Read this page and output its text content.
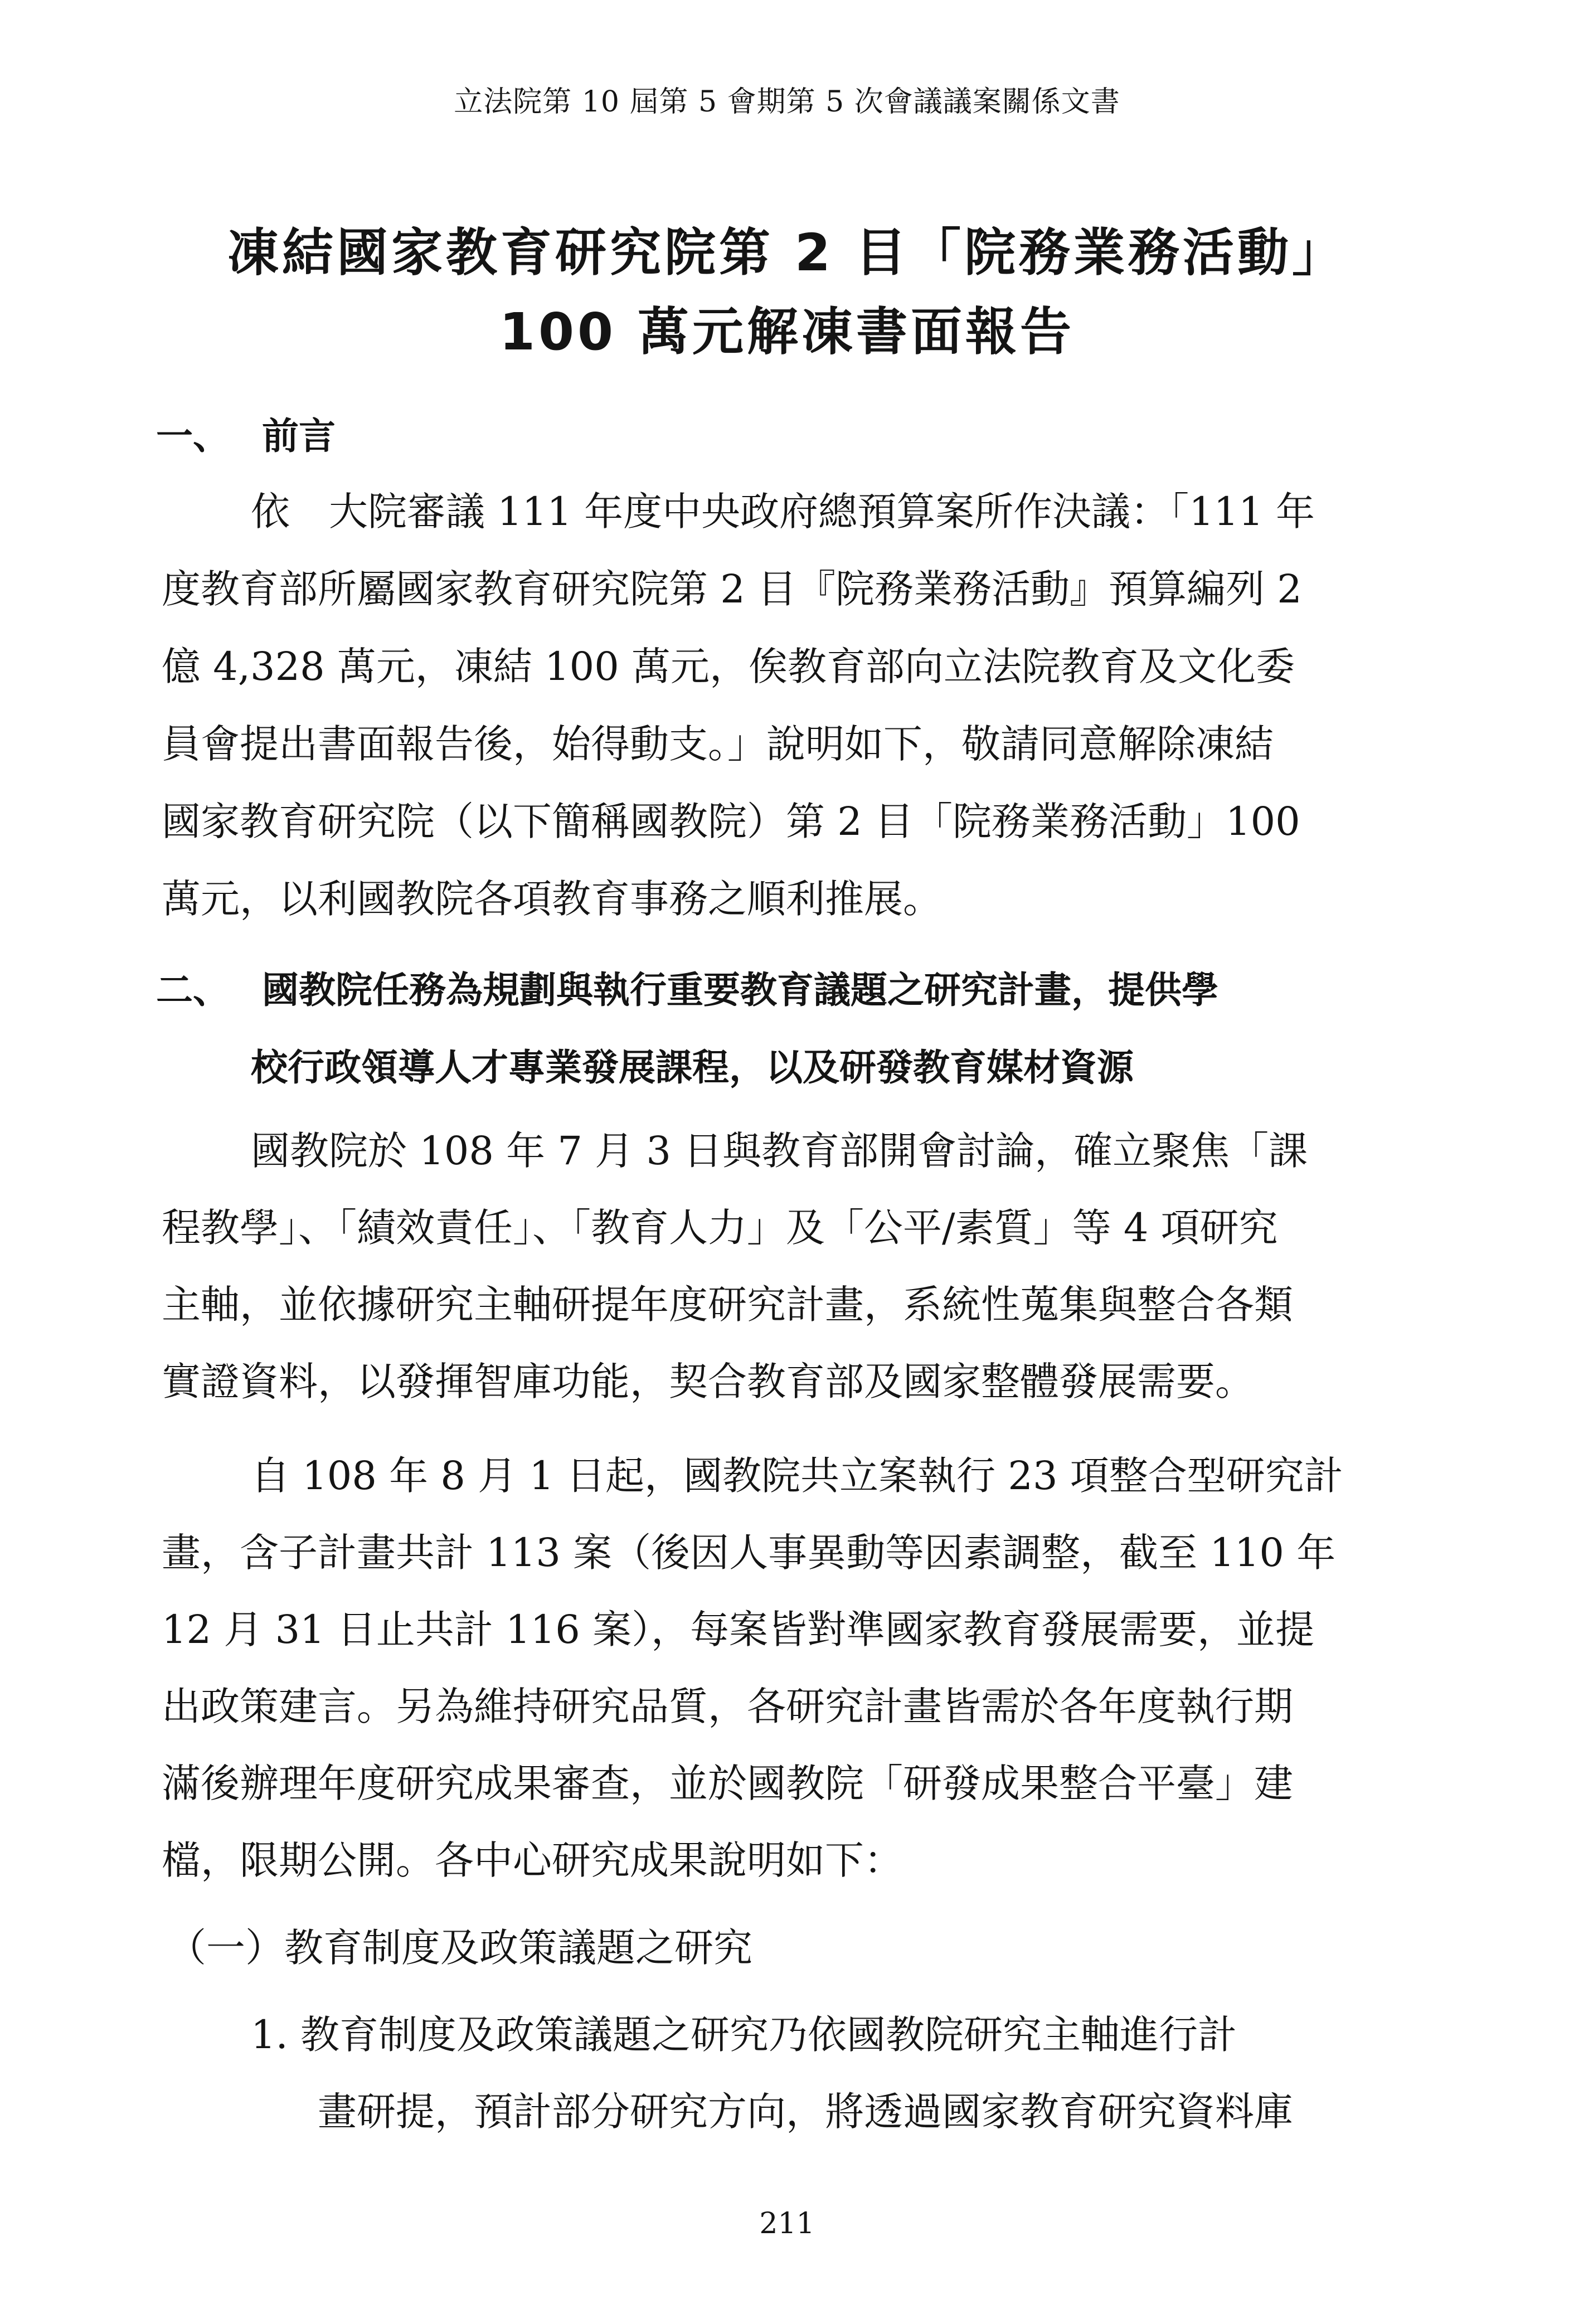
立法院第 10 屆第 5 會期第 5 次會議議案關係文書
凍結國家教育研究院第 2 目「院務業務活動」
100 萬元解凍書面報告
一、 前言
依　大院審議 111 年度中央政府總預算案所作決議：「111 年
度教育部所屬國家教育研究院第 2 目『院務業務活動』預算編列 2
億 4,328 萬元，凍結 100 萬元，俟教育部向立法院教育及文化委
員會提出書面報告後，始得動支。」說明如下，敬請同意解除凍結
國家教育研究院（以下簡稱國教院）第 2 目「院務業務活動」100
萬元，以利國教院各項教育事務之順利推展。
二、 國教院任務為規劃與執行重要教育議題之研究計畫，提供學
校行政領導人才專業發展課程，以及研發教育媒材資源
國教院於 108 年 7 月 3 日與教育部開會討論，確立聚焦「課
程教學」、「績效責任」、「教育人力」及「公平/素質」等 4 項研究
主軸，並依據研究主軸研提年度研究計畫，系統性蒐集與整合各類
實證資料，以發揮智庫功能，契合教育部及國家整體發展需要。
自 108 年 8 月 1 日起，國教院共立案執行 23 項整合型研究計
畫，含子計畫共計 113 案（後因人事異動等因素調整，截至 110 年
12 月 31 日止共計 116 案），每案皆對準國家教育發展需要，並提
出政策建言。另為維持研究品質，各研究計畫皆需於各年度執行期
滿後辦理年度研究成果審查，並於國教院「研發成果整合平臺」建
檔，限期公開。各中心研究成果說明如下：
（一）教育制度及政策議題之研究
1. 教育制度及政策議題之研究乃依國教院研究主軸進行計
畫研提，預計部分研究方向，將透過國家教育研究資料庫
211
